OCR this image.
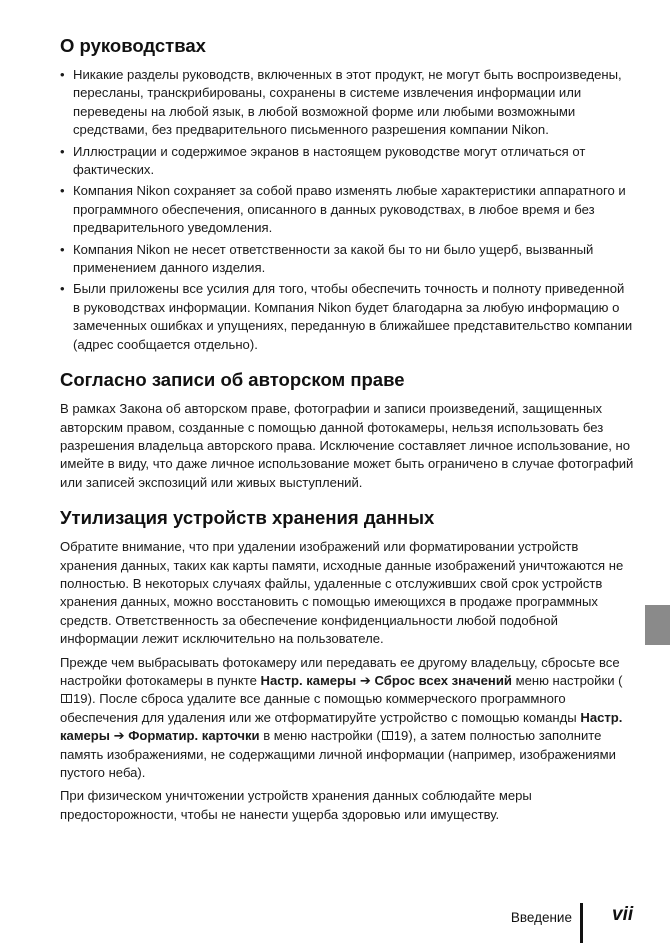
О руководствах
• Никакие разделы руководств, включенных в этот продукт, не могут быть воспроизведены, пересланы, транскрибированы, сохранены в системе извлечения информации или переведены на любой язык, в любой возможной форме или любыми возможными средствами, без предварительного письменного разрешения компании Nikon.
• Иллюстрации и содержимое экранов в настоящем руководстве могут отличаться от фактических.
• Компания Nikon сохраняет за собой право изменять любые характеристики аппаратного и программного обеспечения, описанного в данных руководствах, в любое время и без предварительного уведомления.
• Компания Nikon не несет ответственности за какой бы то ни было ущерб, вызванный применением данного изделия.
• Были приложены все усилия для того, чтобы обеспечить точность и полноту приведенной в руководствах информации. Компания Nikon будет благодарна за любую информацию о замеченных ошибках и упущениях, переданную в ближайшее представительство компании (адрес сообщается отдельно).
Согласно записи об авторском праве

В рамках Закона об авторском праве, фотографии и записи произведений, защищенных авторским правом, созданные с помощью данной фотокамеры, нельзя использовать без разрешения владельца авторского права. Исключение составляет личное использование, но имейте в виду, что даже личное использование может быть ограничено в случае фотографий или записей экспозиций или живых выступлений.

Утилизация устройств хранения данных

Обратите внимание, что при удалении изображений или форматировании устройств хранения данных, таких как карты памяти, исходные данные изображений уничтожаются не полностью. В некоторых случаях файлы, удаленные с отслуживших свой срок устройств хранения данных, можно восстановить с помощью имеющихся в продаже программных средств. Ответственность за обеспечение конфиденциальности любой подобной информации лежит исключительно на пользователе.

Прежде чем выбрасывать фотокамеру или передавать ее другому владельцу, сбросьте все настройки фотокамеры в пункте Настр. камеры ➔ Сброс всех значений меню настройки (19). После сброса удалите все данные с помощью коммерческого программного обеспечения для удаления или же отформатируйте устройство с помощью команды Настр. камеры ➔ Форматир. карточки в меню настройки ( 19), а затем полностью заполните память изображениями, не содержащими личной информации (например, изображениями пустого неба).

При физическом уничтожении устройств хранения данных соблюдайте меры предосторожности, чтобы не нанести ущерба здоровью или имуществу.

Введение vii
